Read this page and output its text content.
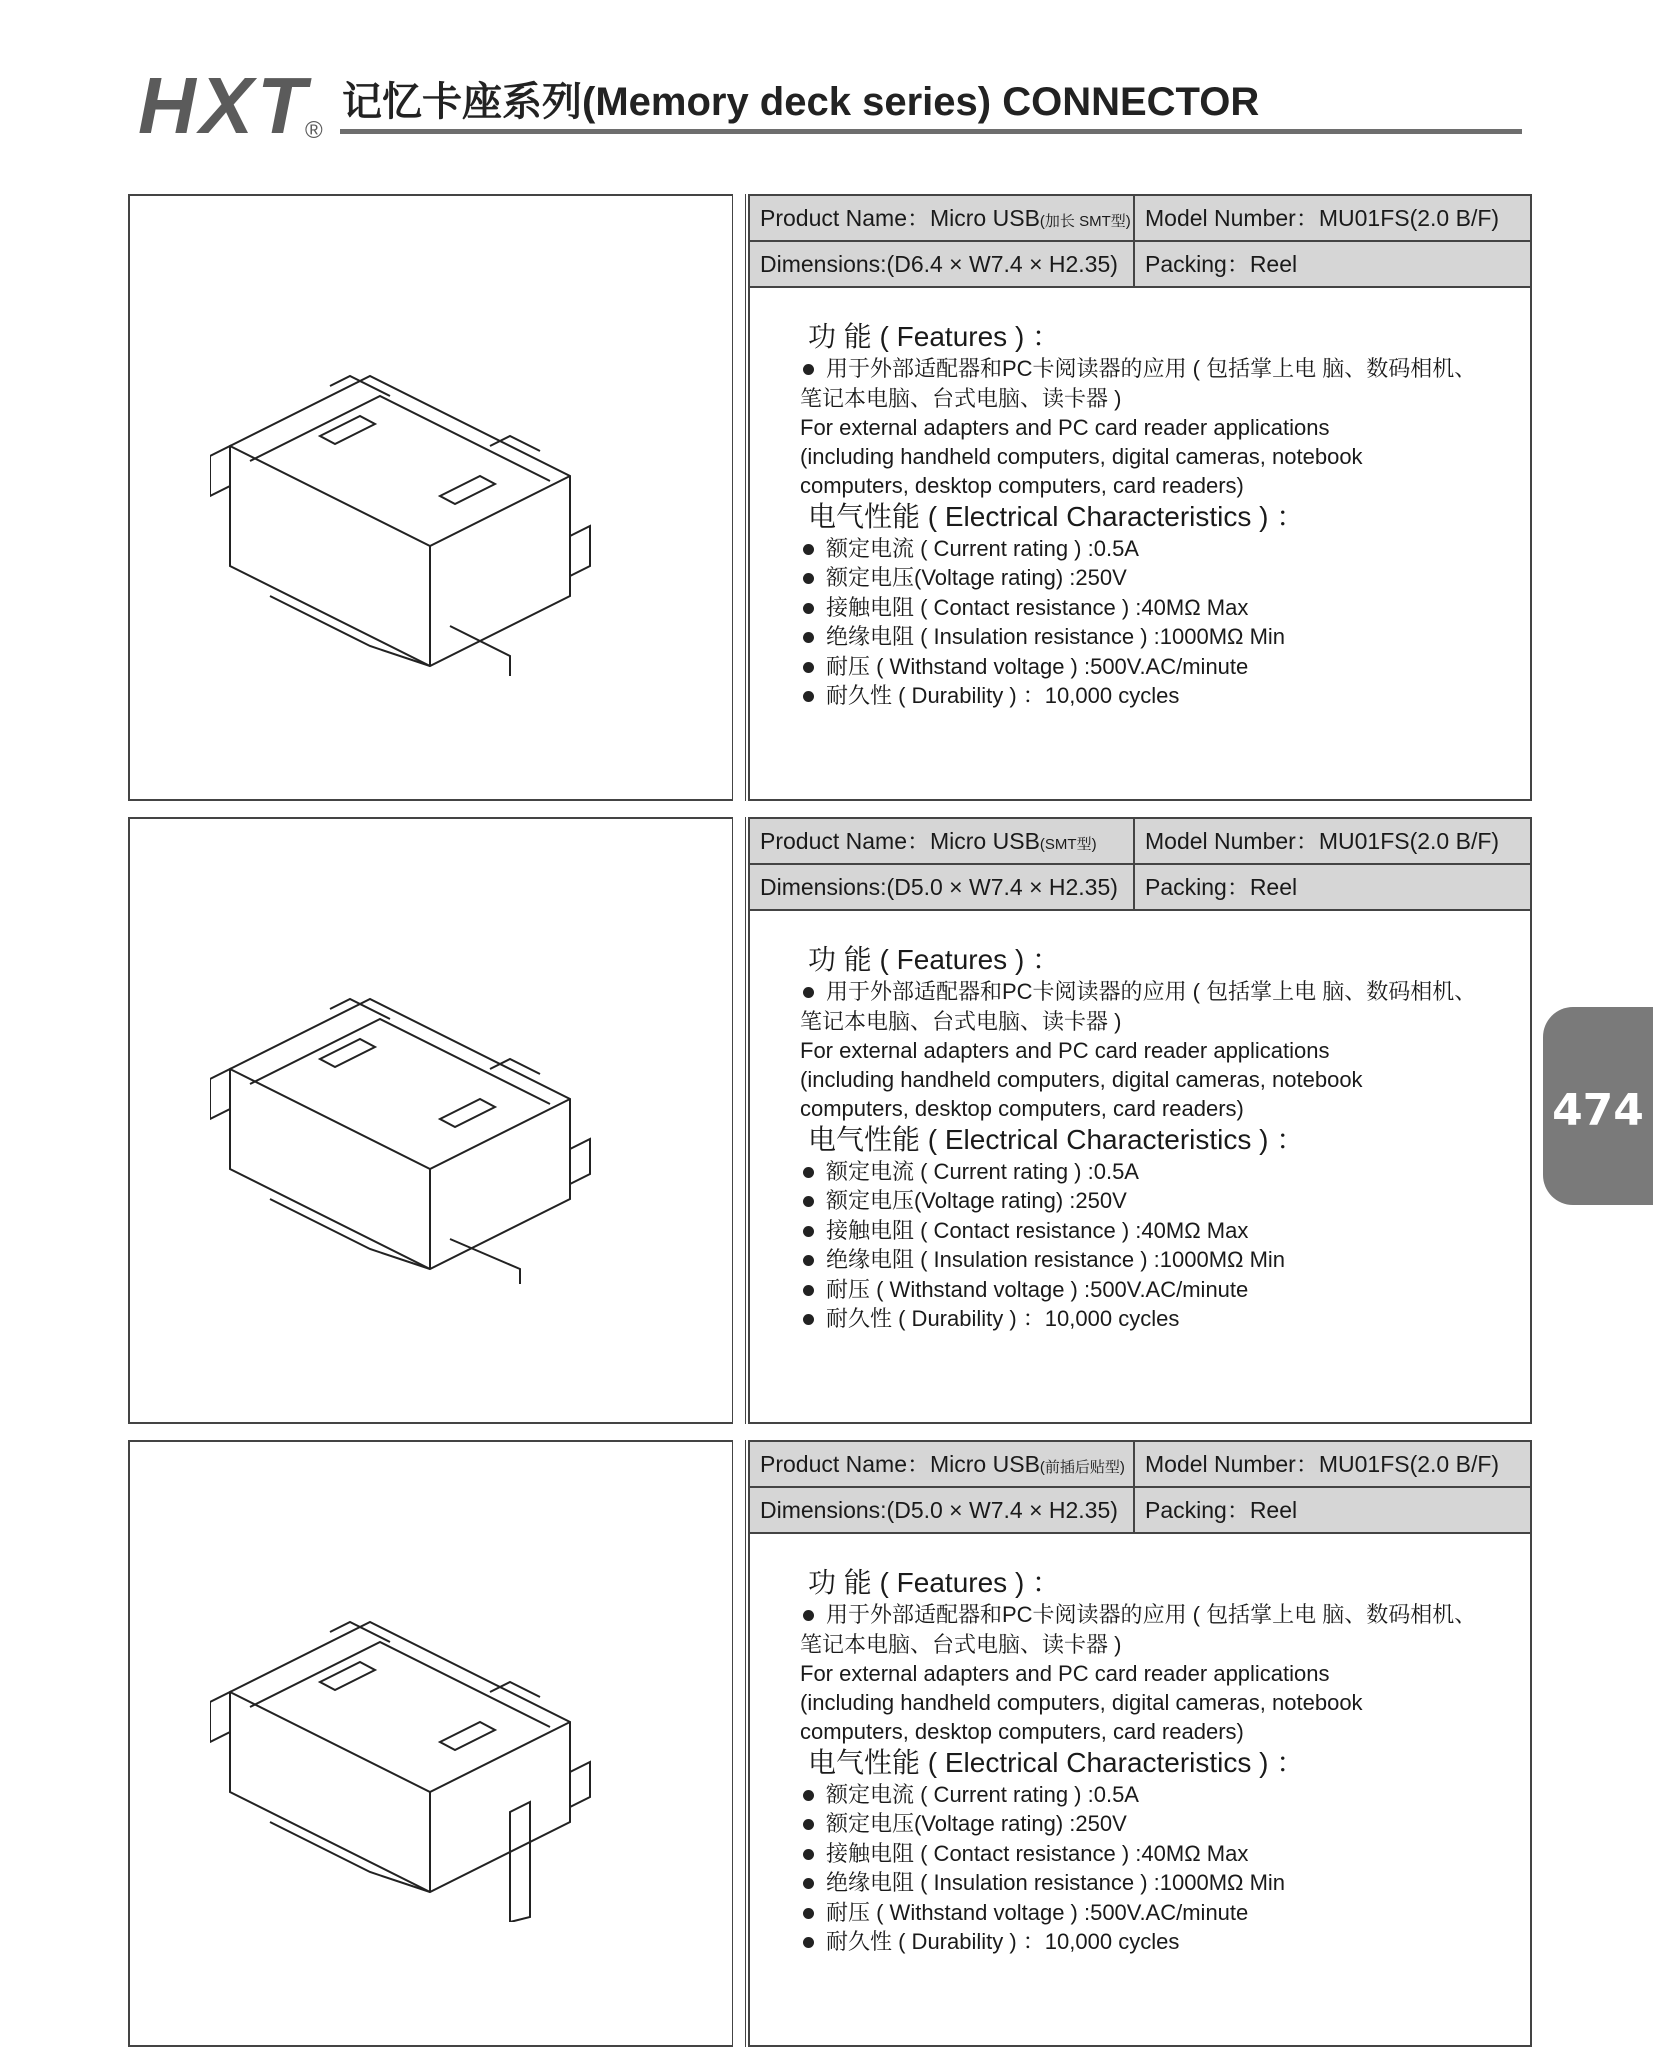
HXT
®
记忆卡座系列(Memory deck series) CONNECTOR
474
Product Name：Micro USB(加长 SMT型) Model Number：MU01FS(2.0 B/F)
Dimensions:(D6.4 × W7.4 × H2.35)	Packing：Reel
功 能 ( Features ) ：
用于外部适配器和PC卡阅读器的应用 ( 包括掌上电 脑、数码相机、
笔记本电脑、台式电脑、读卡器 )
For external adapters and PC card reader applications
(including handheld computers, digital cameras, notebook
computers, desktop computers, card readers)
电气性能 ( Electrical Characteristics ) ：
额定电流 ( Current rating ) :0.5A
额定电压(Voltage rating) :250V
接触电阻 ( Contact resistance ) :40MΩ Max
绝缘电阻 ( Insulation resistance ) :1000MΩ Min
耐压 ( Withstand voltage ) :500V.AC/minute
耐久性 ( Durability ) ：10,000 cycles
Product Name：Micro USB(SMT型)	Model Number：MU01FS(2.0 B/F)
Dimensions:(D5.0 × W7.4 × H2.35)	Packing：Reel
功 能 ( Features ) ：
用于外部适配器和PC卡阅读器的应用 ( 包括掌上电 脑、数码相机、
笔记本电脑、台式电脑、读卡器 )
For external adapters and PC card reader applications
(including handheld computers, digital cameras, notebook
computers, desktop computers, card readers)
电气性能 ( Electrical Characteristics ) ：
额定电流 ( Current rating ) :0.5A
额定电压(Voltage rating) :250V
接触电阻 ( Contact resistance ) :40MΩ Max
绝缘电阻 ( Insulation resistance ) :1000MΩ Min
耐压 ( Withstand voltage ) :500V.AC/minute
耐久性 ( Durability ) ：10,000 cycles
Product Name：Micro USB(前插后贴型) Model Number：MU01FS(2.0 B/F)
Dimensions:(D5.0 × W7.4 × H2.35)	Packing：Reel
功 能 ( Features ) ：
用于外部适配器和PC卡阅读器的应用 ( 包括掌上电 脑、数码相机、
笔记本电脑、台式电脑、读卡器 )
For external adapters and PC card reader applications
(including handheld computers, digital cameras, notebook
computers, desktop computers, card readers)
电气性能 ( Electrical Characteristics ) ：
额定电流 ( Current rating ) :0.5A
额定电压(Voltage rating) :250V
接触电阻 ( Contact resistance ) :40MΩ Max
绝缘电阻 ( Insulation resistance ) :1000MΩ Min
耐压 ( Withstand voltage ) :500V.AC/minute
耐久性 ( Durability ) ：10,000 cycles
